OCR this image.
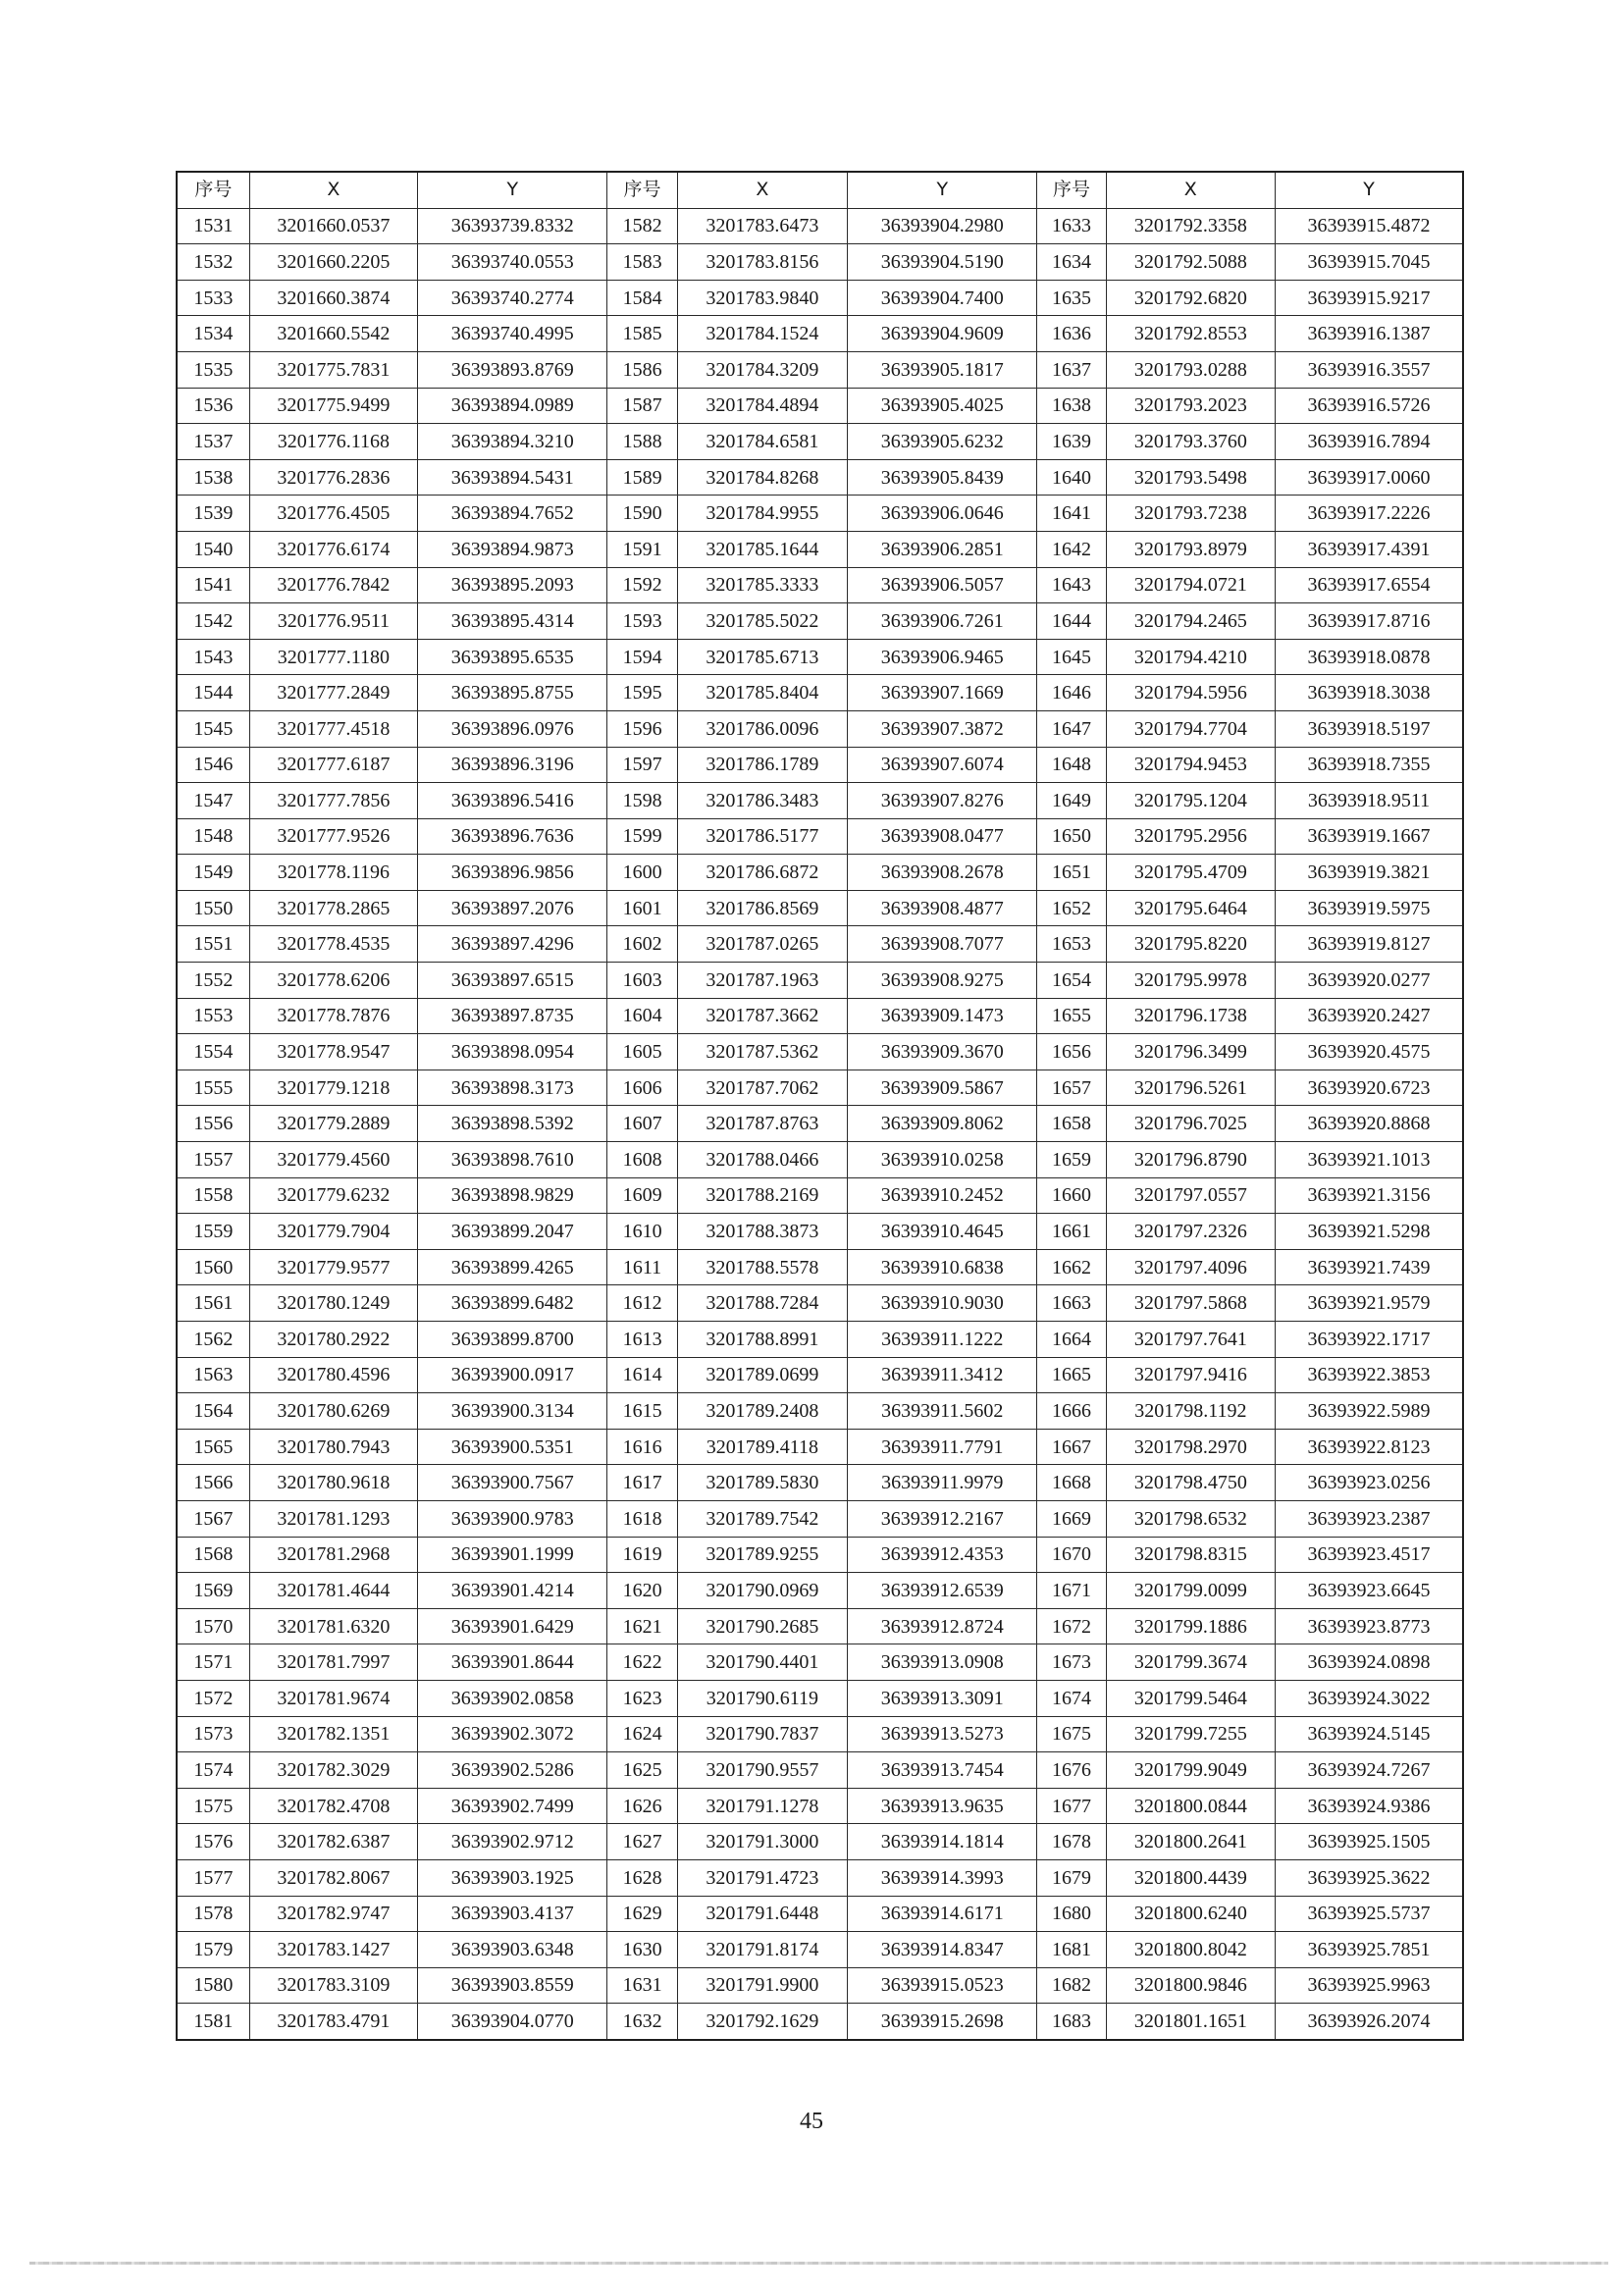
序号	X	Y	序号	X	Y	序号	X	Y
1531	3201660.0537	36393739.8332	1582	3201783.6473	36393904.2980	1633	3201792.3358	36393915.4872
1532	3201660.2205	36393740.0553	1583	3201783.8156	36393904.5190	1634	3201792.5088	36393915.7045
1533	3201660.3874	36393740.2774	1584	3201783.9840	36393904.7400	1635	3201792.6820	36393915.9217
1534	3201660.5542	36393740.4995	1585	3201784.1524	36393904.9609	1636	3201792.8553	36393916.1387
1535	3201775.7831	36393893.8769	1586	3201784.3209	36393905.1817	1637	3201793.0288	36393916.3557
1536	3201775.9499	36393894.0989	1587	3201784.4894	36393905.4025	1638	3201793.2023	36393916.5726
1537	3201776.1168	36393894.3210	1588	3201784.6581	36393905.6232	1639	3201793.3760	36393916.7894
1538	3201776.2836	36393894.5431	1589	3201784.8268	36393905.8439	1640	3201793.5498	36393917.0060
1539	3201776.4505	36393894.7652	1590	3201784.9955	36393906.0646	1641	3201793.7238	36393917.2226
1540	3201776.6174	36393894.9873	1591	3201785.1644	36393906.2851	1642	3201793.8979	36393917.4391
1541	3201776.7842	36393895.2093	1592	3201785.3333	36393906.5057	1643	3201794.0721	36393917.6554
1542	3201776.9511	36393895.4314	1593	3201785.5022	36393906.7261	1644	3201794.2465	36393917.8716
1543	3201777.1180	36393895.6535	1594	3201785.6713	36393906.9465	1645	3201794.4210	36393918.0878
1544	3201777.2849	36393895.8755	1595	3201785.8404	36393907.1669	1646	3201794.5956	36393918.3038
1545	3201777.4518	36393896.0976	1596	3201786.0096	36393907.3872	1647	3201794.7704	36393918.5197
1546	3201777.6187	36393896.3196	1597	3201786.1789	36393907.6074	1648	3201794.9453	36393918.7355
1547	3201777.7856	36393896.5416	1598	3201786.3483	36393907.8276	1649	3201795.1204	36393918.9511
1548	3201777.9526	36393896.7636	1599	3201786.5177	36393908.0477	1650	3201795.2956	36393919.1667
1549	3201778.1196	36393896.9856	1600	3201786.6872	36393908.2678	1651	3201795.4709	36393919.3821
1550	3201778.2865	36393897.2076	1601	3201786.8569	36393908.4877	1652	3201795.6464	36393919.5975
1551	3201778.4535	36393897.4296	1602	3201787.0265	36393908.7077	1653	3201795.8220	36393919.8127
1552	3201778.6206	36393897.6515	1603	3201787.1963	36393908.9275	1654	3201795.9978	36393920.0277
1553	3201778.7876	36393897.8735	1604	3201787.3662	36393909.1473	1655	3201796.1738	36393920.2427
1554	3201778.9547	36393898.0954	1605	3201787.5362	36393909.3670	1656	3201796.3499	36393920.4575
1555	3201779.1218	36393898.3173	1606	3201787.7062	36393909.5867	1657	3201796.5261	36393920.6723
1556	3201779.2889	36393898.5392	1607	3201787.8763	36393909.8062	1658	3201796.7025	36393920.8868
1557	3201779.4560	36393898.7610	1608	3201788.0466	36393910.0258	1659	3201796.8790	36393921.1013
1558	3201779.6232	36393898.9829	1609	3201788.2169	36393910.2452	1660	3201797.0557	36393921.3156
1559	3201779.7904	36393899.2047	1610	3201788.3873	36393910.4645	1661	3201797.2326	36393921.5298
1560	3201779.9577	36393899.4265	1611	3201788.5578	36393910.6838	1662	3201797.4096	36393921.7439
1561	3201780.1249	36393899.6482	1612	3201788.7284	36393910.9030	1663	3201797.5868	36393921.9579
1562	3201780.2922	36393899.8700	1613	3201788.8991	36393911.1222	1664	3201797.7641	36393922.1717
1563	3201780.4596	36393900.0917	1614	3201789.0699	36393911.3412	1665	3201797.9416	36393922.3853
1564	3201780.6269	36393900.3134	1615	3201789.2408	36393911.5602	1666	3201798.1192	36393922.5989
1565	3201780.7943	36393900.5351	1616	3201789.4118	36393911.7791	1667	3201798.2970	36393922.8123
1566	3201780.9618	36393900.7567	1617	3201789.5830	36393911.9979	1668	3201798.4750	36393923.0256
1567	3201781.1293	36393900.9783	1618	3201789.7542	36393912.2167	1669	3201798.6532	36393923.2387
1568	3201781.2968	36393901.1999	1619	3201789.9255	36393912.4353	1670	3201798.8315	36393923.4517
1569	3201781.4644	36393901.4214	1620	3201790.0969	36393912.6539	1671	3201799.0099	36393923.6645
1570	3201781.6320	36393901.6429	1621	3201790.2685	36393912.8724	1672	3201799.1886	36393923.8773
1571	3201781.7997	36393901.8644	1622	3201790.4401	36393913.0908	1673	3201799.3674	36393924.0898
1572	3201781.9674	36393902.0858	1623	3201790.6119	36393913.3091	1674	3201799.5464	36393924.3022
1573	3201782.1351	36393902.3072	1624	3201790.7837	36393913.5273	1675	3201799.7255	36393924.5145
1574	3201782.3029	36393902.5286	1625	3201790.9557	36393913.7454	1676	3201799.9049	36393924.7267
1575	3201782.4708	36393902.7499	1626	3201791.1278	36393913.9635	1677	3201800.0844	36393924.9386
1576	3201782.6387	36393902.9712	1627	3201791.3000	36393914.1814	1678	3201800.2641	36393925.1505
1577	3201782.8067	36393903.1925	1628	3201791.4723	36393914.3993	1679	3201800.4439	36393925.3622
1578	3201782.9747	36393903.4137	1629	3201791.6448	36393914.6171	1680	3201800.6240	36393925.5737
1579	3201783.1427	36393903.6348	1630	3201791.8174	36393914.8347	1681	3201800.8042	36393925.7851
1580	3201783.3109	36393903.8559	1631	3201791.9900	36393915.0523	1682	3201800.9846	36393925.9963
1581	3201783.4791	36393904.0770	1632	3201792.1629	36393915.2698	1683	3201801.1651	36393926.2074
45
